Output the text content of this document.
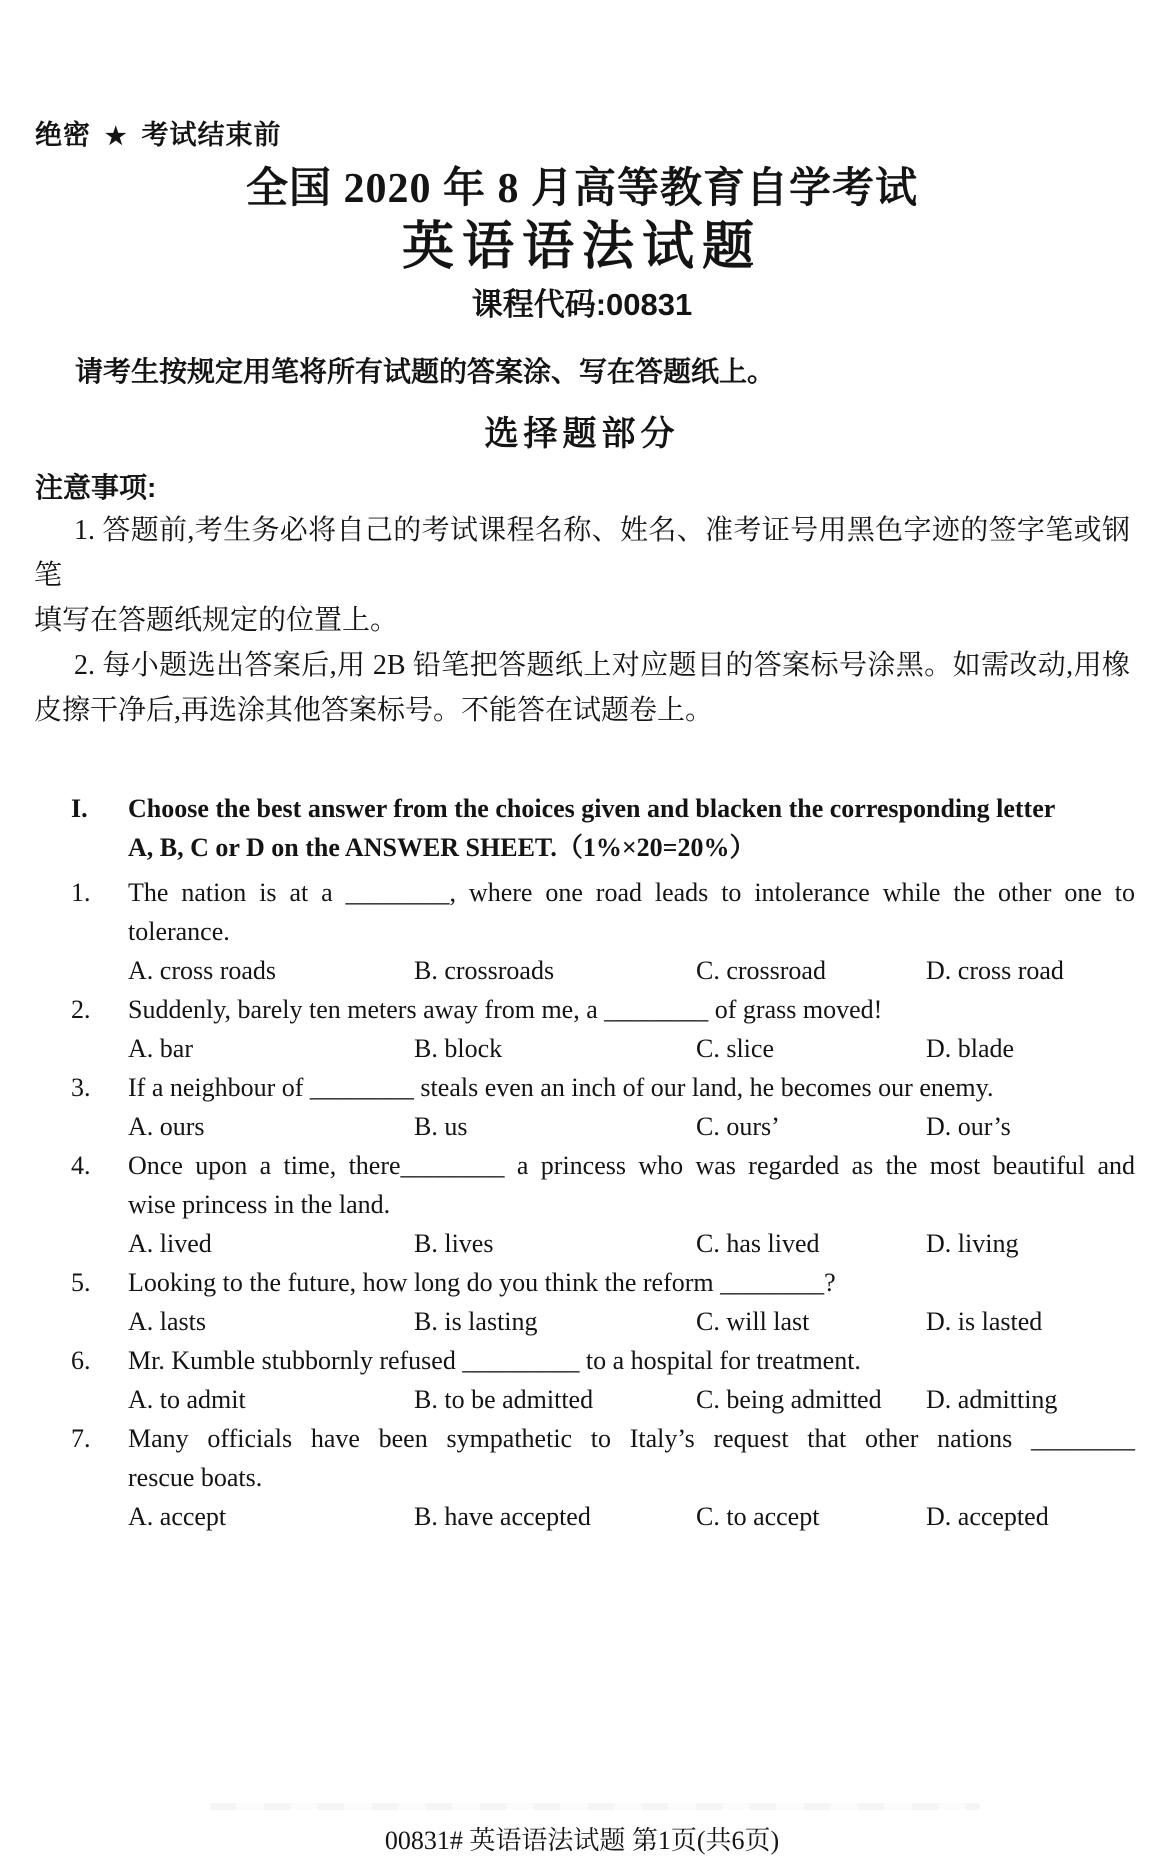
绝密 ★ 考试结束前
全国 2020 年 8 月高等教育自学考试
英语语法试题
课程代码:00831
请考生按规定用笔将所有试题的答案涂、写在答题纸上。
选择题部分
注意事项:
1. 答题前,考生务必将自己的考试课程名称、姓名、准考证号用黑色字迹的签字笔或钢笔
填写在答题纸规定的位置上。
2. 每小题选出答案后,用 2B 铅笔把答题纸上对应题目的答案标号涂黑。如需改动,用橡
皮擦干净后,再选涂其他答案标号。不能答在试题卷上。
I.	Choose the best answer from the choices given and blacken the corresponding letter
A, B, C or D on the ANSWER SHEET.（1%×20=20%）
1.	The nation is at a ________, where one road leads to intolerance while the other one to
tolerance.
A. cross roads	B. crossroads	C. crossroad	D. cross road
2.	Suddenly, barely ten meters away from me, a ________ of grass moved!
A. bar	B. block	C. slice	D. blade
3.	If a neighbour of ________ steals even an inch of our land, he becomes our enemy.
A. ours	B. us	C. ours’	D. our’s
4.	Once upon a time, there________ a princess who was regarded as the most beautiful and
wise princess in the land.
A. lived	B. lives	C. has lived	D. living
5.	Looking to the future, how long do you think the reform ________?
A. lasts	B. is lasting	C. will last	D. is lasted
6.	Mr. Kumble stubbornly refused _________ to a hospital for treatment.
A. to admit	B. to be admitted	C. being admitted	D. admitting
7.	Many officials have been sympathetic to Italy’s request that other nations ________
rescue boats.
A. accept	B. have accepted	C. to accept	D. accepted
00831# 英语语法试题 第1页(共6页)
